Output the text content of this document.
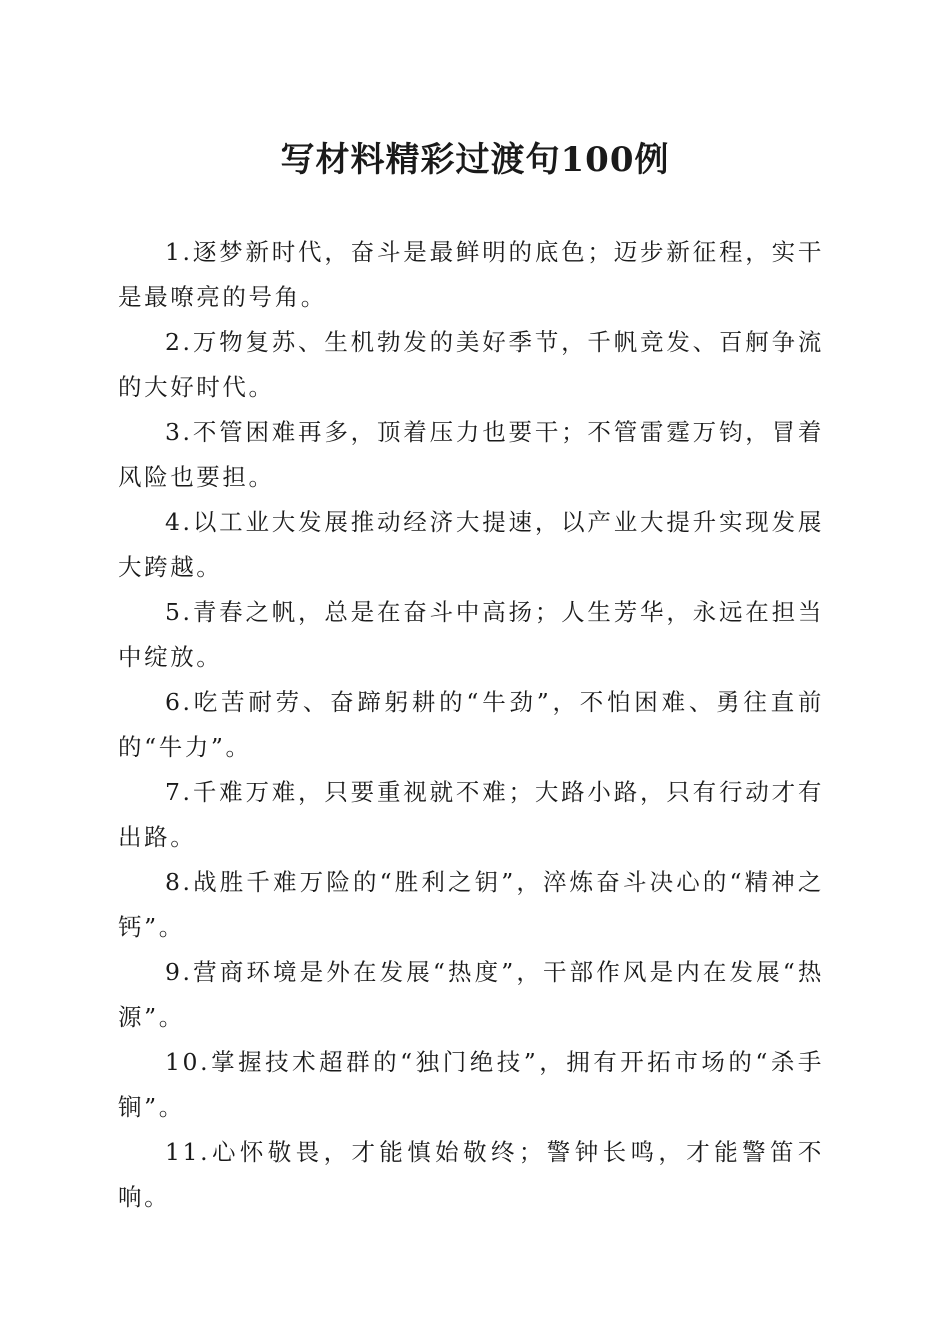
写材料精彩过渡句100例

1.逐梦新时代，奋斗是最鲜明的底色；迈步新征程，实干是最嘹亮的号角。

2.万物复苏、生机勃发的美好季节，千帆竞发、百舸争流的大好时代。

3.不管困难再多，顶着压力也要干；不管雷霆万钧，冒着风险也要担。

4.以工业大发展推动经济大提速，以产业大提升实现发展大跨越。

5.青春之帆，总是在奋斗中高扬；人生芳华，永远在担当中绽放。

6.吃苦耐劳、奋蹄躬耕的“牛劲”，不怕困难、勇往直前的“牛力”。

7.千难万难，只要重视就不难；大路小路，只有行动才有出路。

8.战胜千难万险的“胜利之钥”，淬炼奋斗决心的“精神之钙”。

9.营商环境是外在发展“热度”，干部作风是内在发展“热源”。

10.掌握技术超群的“独门绝技”，拥有开拓市场的“杀手锏”。

11.心怀敬畏，才能慎始敬终；警钟长鸣，才能警笛不响。
